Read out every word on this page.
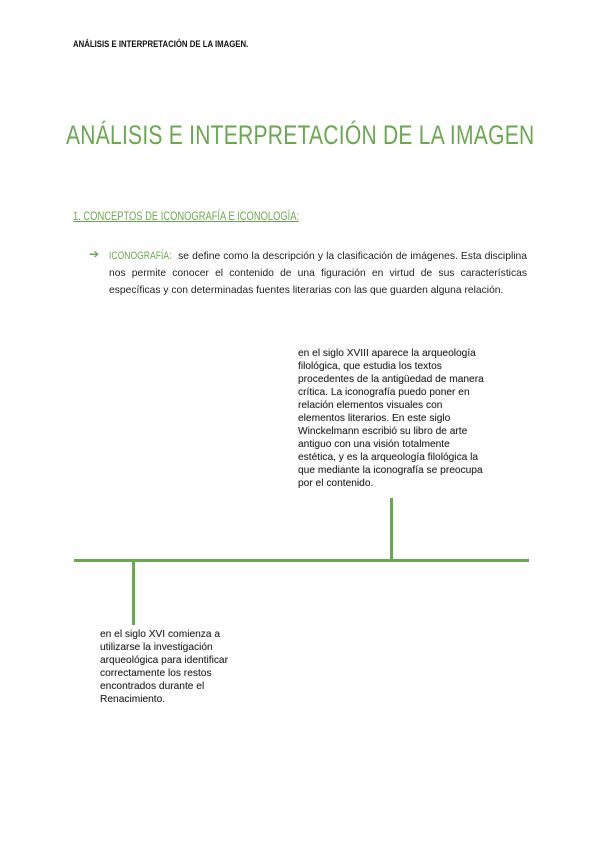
ANÁLISIS E INTERPRETACIÓN DE LA IMAGEN.
ANÁLISIS E INTERPRETACIÓN DE LA IMAGEN
1. CONCEPTOS DE ICONOGRAFÍA E ICONOLOGÍA:
➔ ICONOGRAFÍA: se define como la descripción y la clasificación de imágenes. Esta disciplina nos permite conocer el contenido de una figuración en virtud de sus características específicas y con determinadas fuentes literarias con las que guarden alguna relación.
en el siglo XVIII aparece la arqueología filológica, que estudia los textos procedentes de la antigüedad de manera crítica. La iconografía puedo poner en relación elementos visuales con elementos literarios. En este siglo Winckelmann escribió su libro de arte antiguo con una visión totalmente estética, y es la arqueología filológica la que mediante la iconografía se preocupa por el contenido.
en el siglo XVI comienza a utilizarse la investigación arqueológica para identificar correctamente los restos encontrados durante el Renacimiento.
